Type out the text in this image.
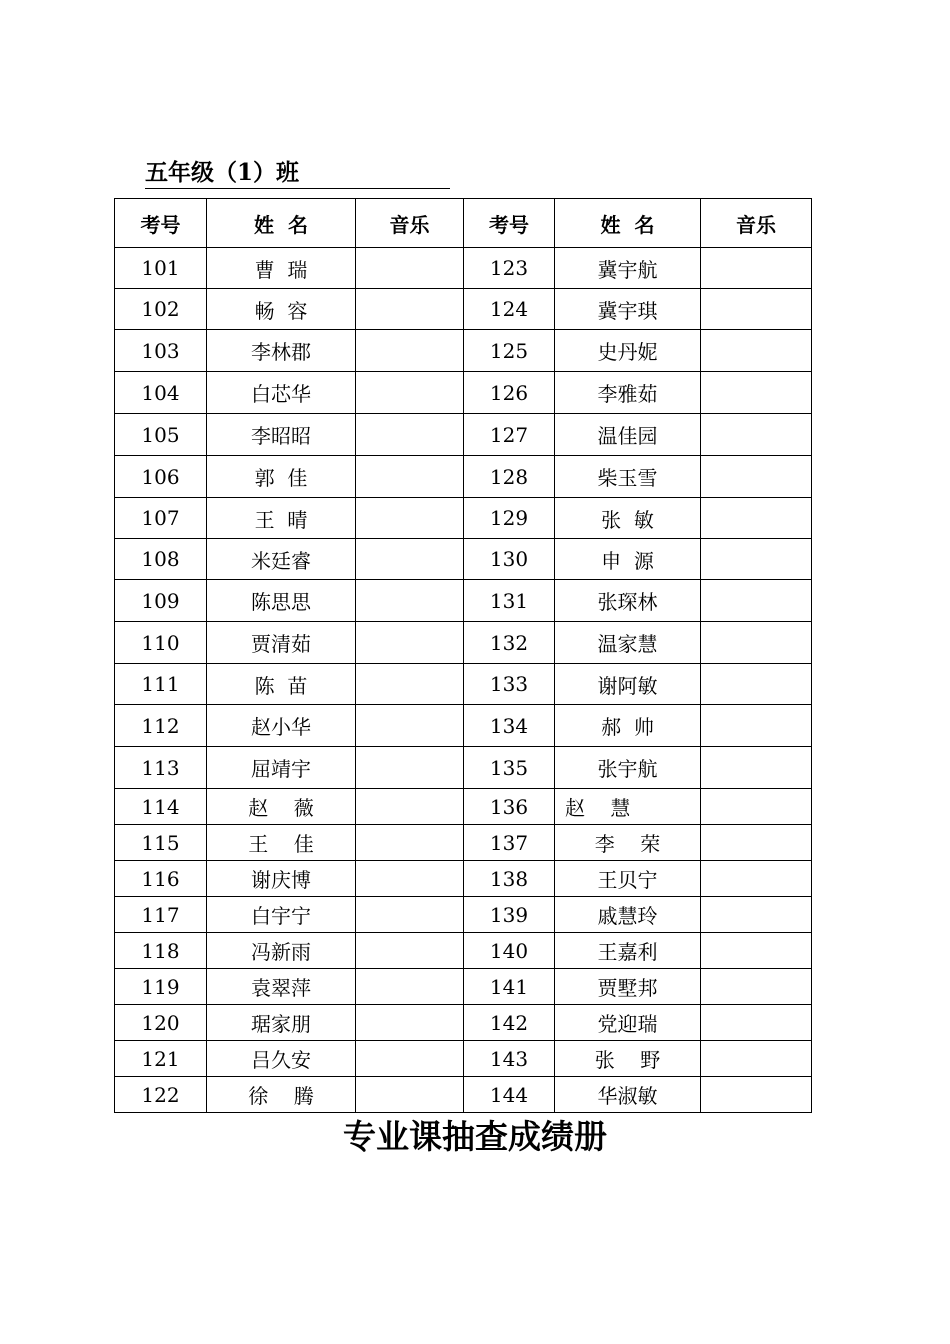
五年级（1）班
考号	姓  名	音乐	考号	姓  名	音乐
101	曹  瑞		123	冀宇航	
102	畅  容		124	冀宇琪	
103	李林郡		125	史丹妮	
104	白芯华		126	李雅茹	
105	李昭昭		127	温佳园	
106	郭  佳		128	柴玉雪	
107	王  晴		129	张  敏	
108	米廷睿		130	申  源	
109	陈思思		131	张琛林	
110	贾清茹		132	温家慧	
111	陈  苗		133	谢阿敏	
112	赵小华		134	郝  帅	
113	屈靖宇		135	张宇航	
114	赵    薇		136	赵    慧	
115	王    佳		137	李    荣	
116	谢庆博		138	王贝宁	
117	白宇宁		139	戚慧玲	
118	冯新雨		140	王嘉利	
119	袁翠萍		141	贾墅邦	
120	琚家朋		142	党迎瑞	
121	吕久安		143	张    野	
122	徐    腾		144	华淑敏	
专业课抽查成绩册
